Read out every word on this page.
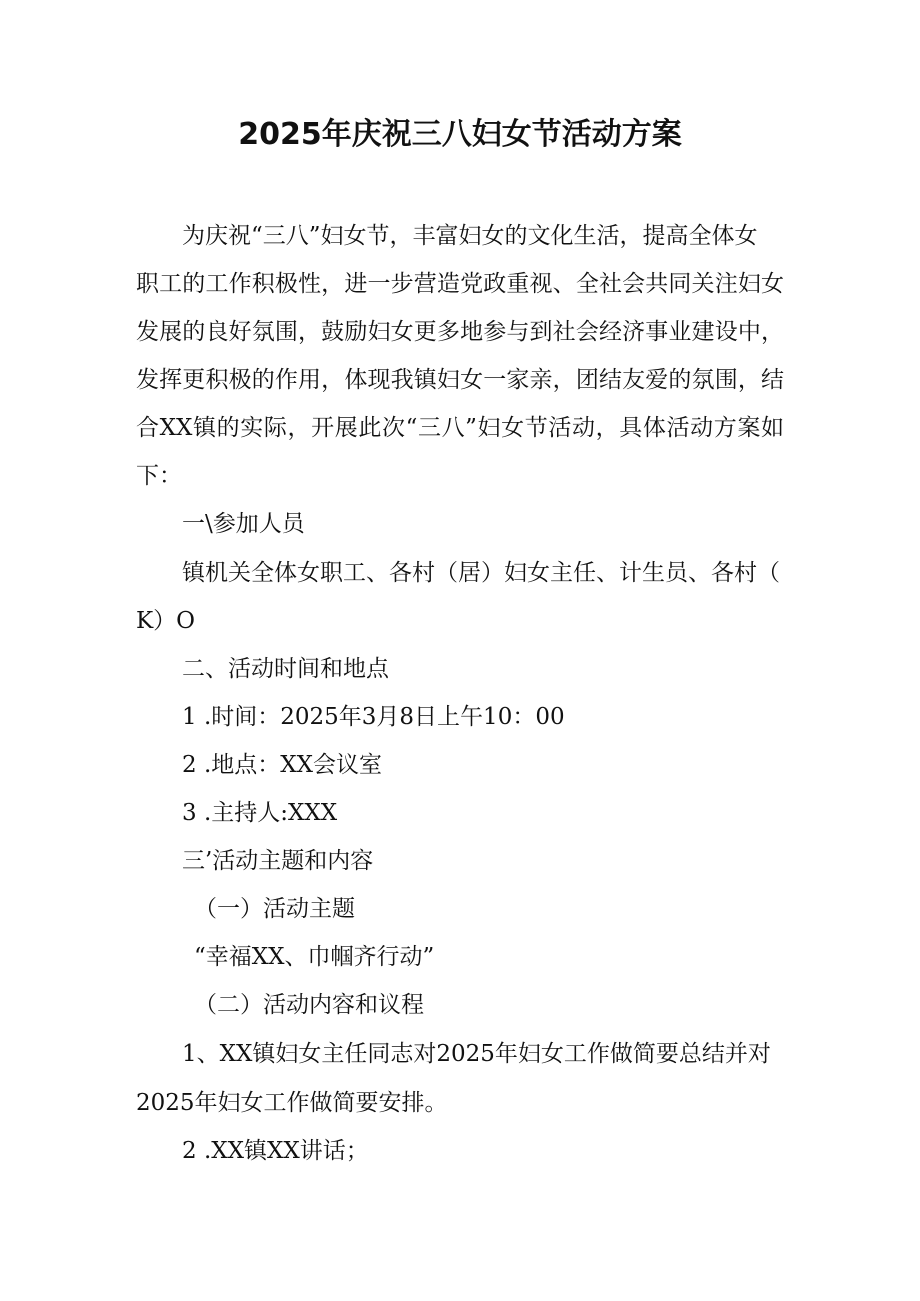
2025年庆祝三八妇女节活动方案
为庆祝“三八”妇女节，丰富妇女的文化生活，提高全体女
职工的工作积极性，进一步营造党政重视、全社会共同关注妇女
发展的良好氛围，鼓励妇女更多地参与到社会经济事业建设中，
发挥更积极的作用，体现我镇妇女一家亲，团结友爱的氛围，结
合XX镇的实际，开展此次“三八”妇女节活动，具体活动方案如
下：
一\参加人员
镇机关全体女职工、各村（居）妇女主任、计生员、各村（
K）O
二、活动时间和地点
1 .时间：2025年3月8日上午10：00
2 .地点：XX会议室
3 .主持人:XXX
三’活动主题和内容
（一）活动主题
“幸福XX、巾帼齐行动”
（二）活动内容和议程
1、XX镇妇女主任同志对2025年妇女工作做简要总结并对
2025年妇女工作做简要安排。
2 .XX镇XX讲话；
